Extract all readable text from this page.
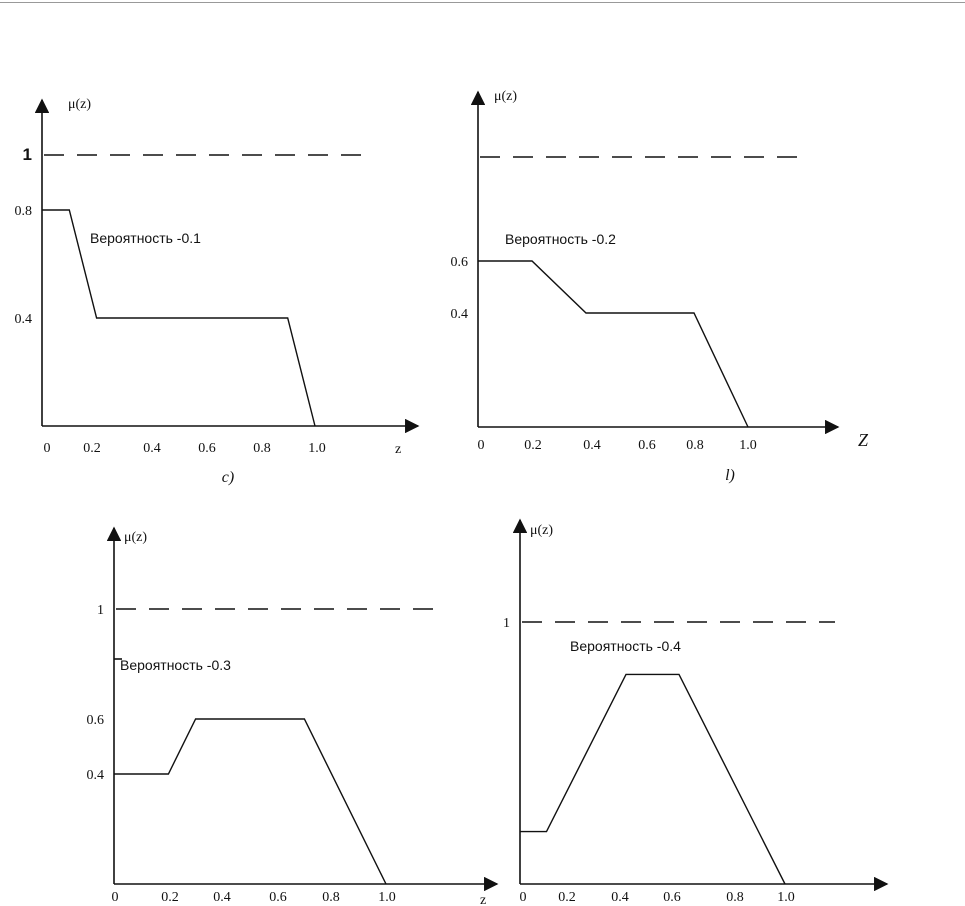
0 0.2	0.4	0.6	0.8	1.0
1
0.8
0.4
μ(z)
z
Вероятность -0.1
c)
0	0.2	0.4	0.6 0.8	1.0
0.6
0.4
μ(z)
Z
Вероятность -0.2
l)
0	0.2 0.4	0.6	0.8	1.0
1
0.6
0.4
μ(z)
z
Вероятность -0.3
0 0.2	0.4 0.6	0.8 1.0
1
μ(z)
Вероятность -0.4
